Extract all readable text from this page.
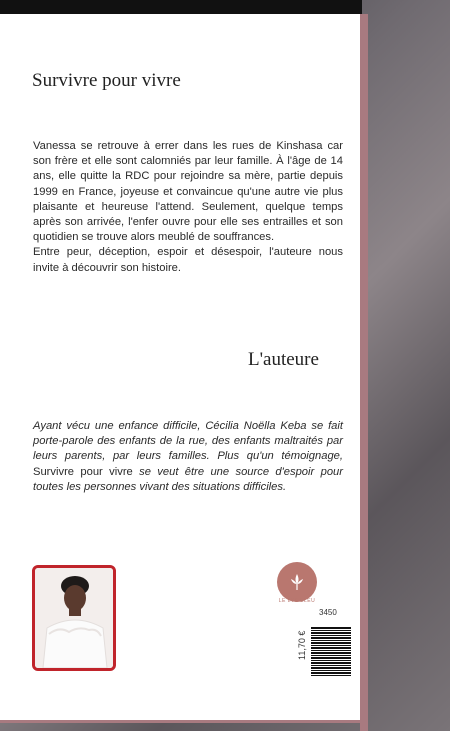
Survivre pour vivre

Vanessa se retrouve à errer dans les rues de Kinshasa car son frère et elle sont calomniés par leur famille. À l'âge de 14 ans, elle quitte la RDC pour rejoindre sa mère, partie depuis 1999 en France, joyeuse et convaincue qu'une autre vie plus plaisante et heureuse l'attend. Seulement, quelque temps après son arrivée, l'enfer ouvre pour elle ses entrailles et son quotidien se trouve alors meublé de souffrances.

Entre peur, déception, espoir et désespoir, l'auteure nous invite à découvrir son histoire.

L'auteure

Ayant vécu une enfance difficile, Cécilia Noëlla Keba se fait porte-parole des enfants de la rue, des enfants maltraités par leurs parents, par leurs familles. Plus qu'un témoignage, Survivre pour vivre se veut être une source d'espoir pour toutes les personnes vivant des situations difficiles.

LE LYS BLEU
3450
11,70 €
